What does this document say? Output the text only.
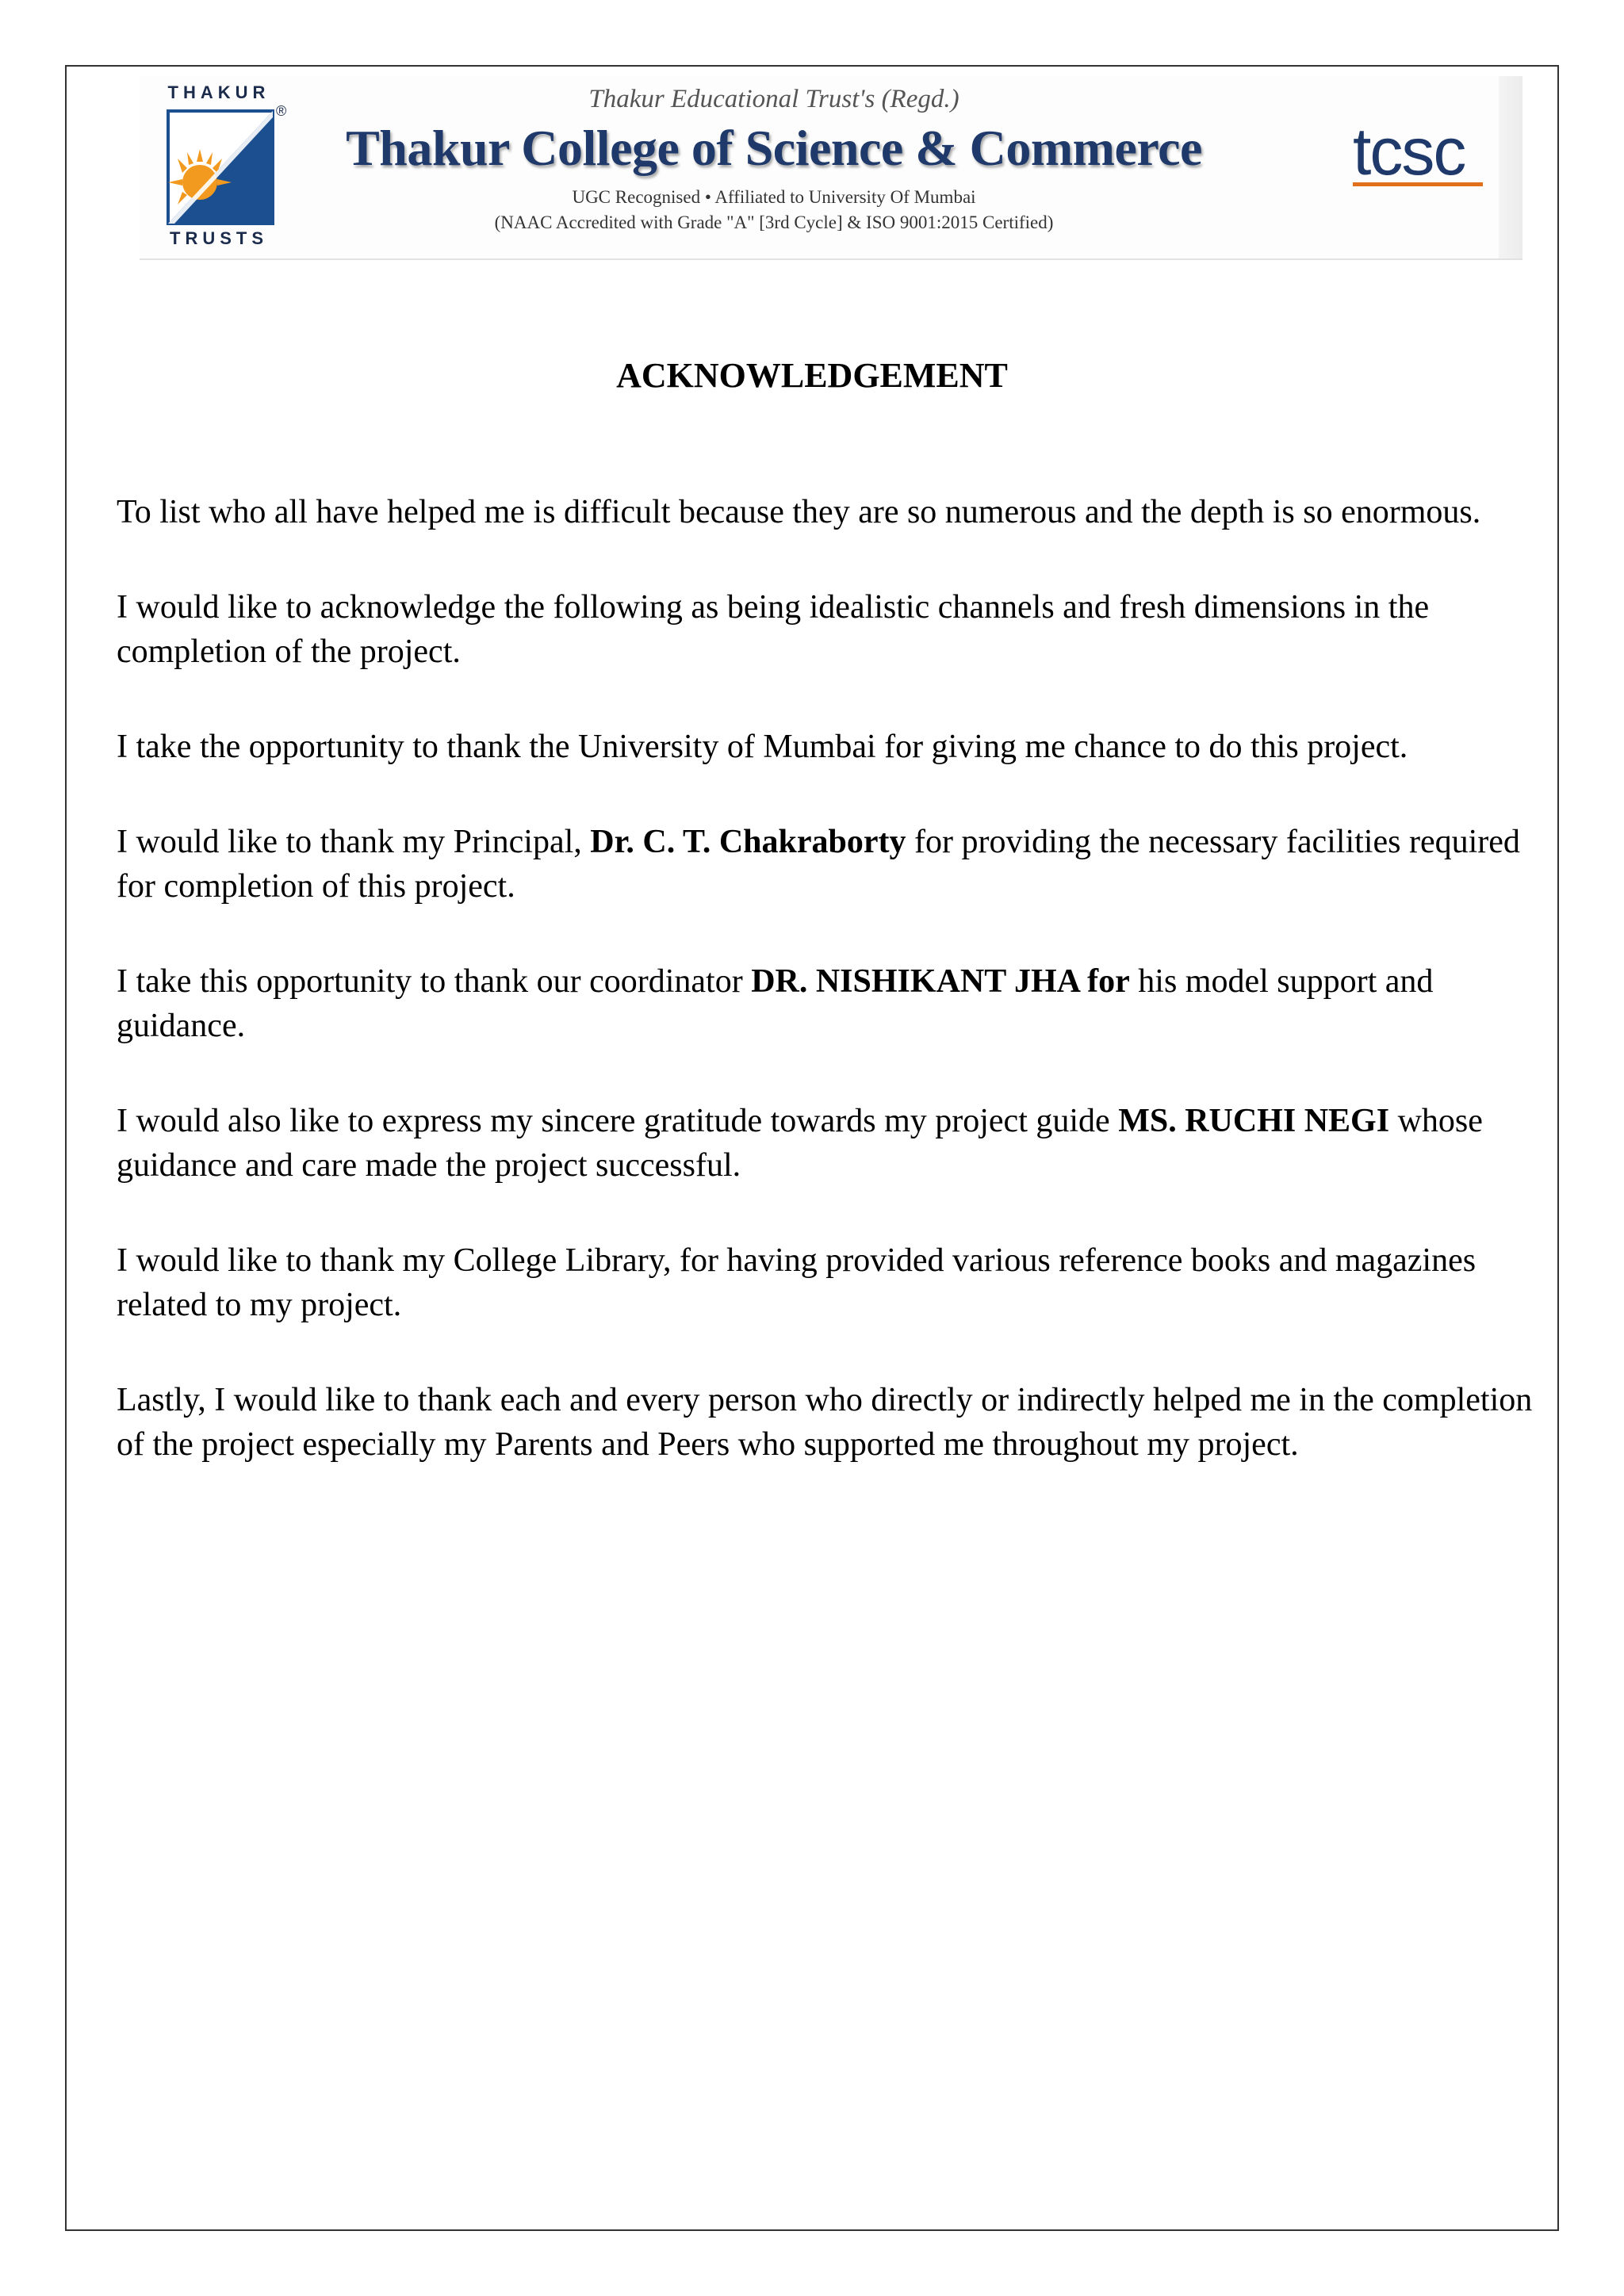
THAKUR
®
TRUSTS
Thakur Educational Trust's (Regd.)
Thakur College of Science & Commerce
UGC Recognised • Affiliated to University Of Mumbai
(NAAC Accredited with Grade "A" [3rd Cycle] & ISO 9001:2015 Certified)
tcsc
ACKNOWLEDGEMENT

To list who all have helped me is difficult because they are so numerous and the depth is so enormous.

I would like to acknowledge the following as being idealistic channels and fresh dimensions in the completion of the project.

I take the opportunity to thank the University of Mumbai for giving me chance to do this project.

I would like to thank my Principal, Dr. C. T. Chakraborty for providing the necessary facilities required for completion of this project.

I take this opportunity to thank our coordinator DR. NISHIKANT JHA for his model support and guidance.

I would also like to express my sincere gratitude towards my project guide MS. RUCHI NEGI whose guidance and care made the project successful.

I would like to thank my College Library, for having provided various reference books and magazines related to my project.

Lastly, I would like to thank each and every person who directly or indirectly helped me in the completion of the project especially my Parents and Peers who supported me throughout my project.
